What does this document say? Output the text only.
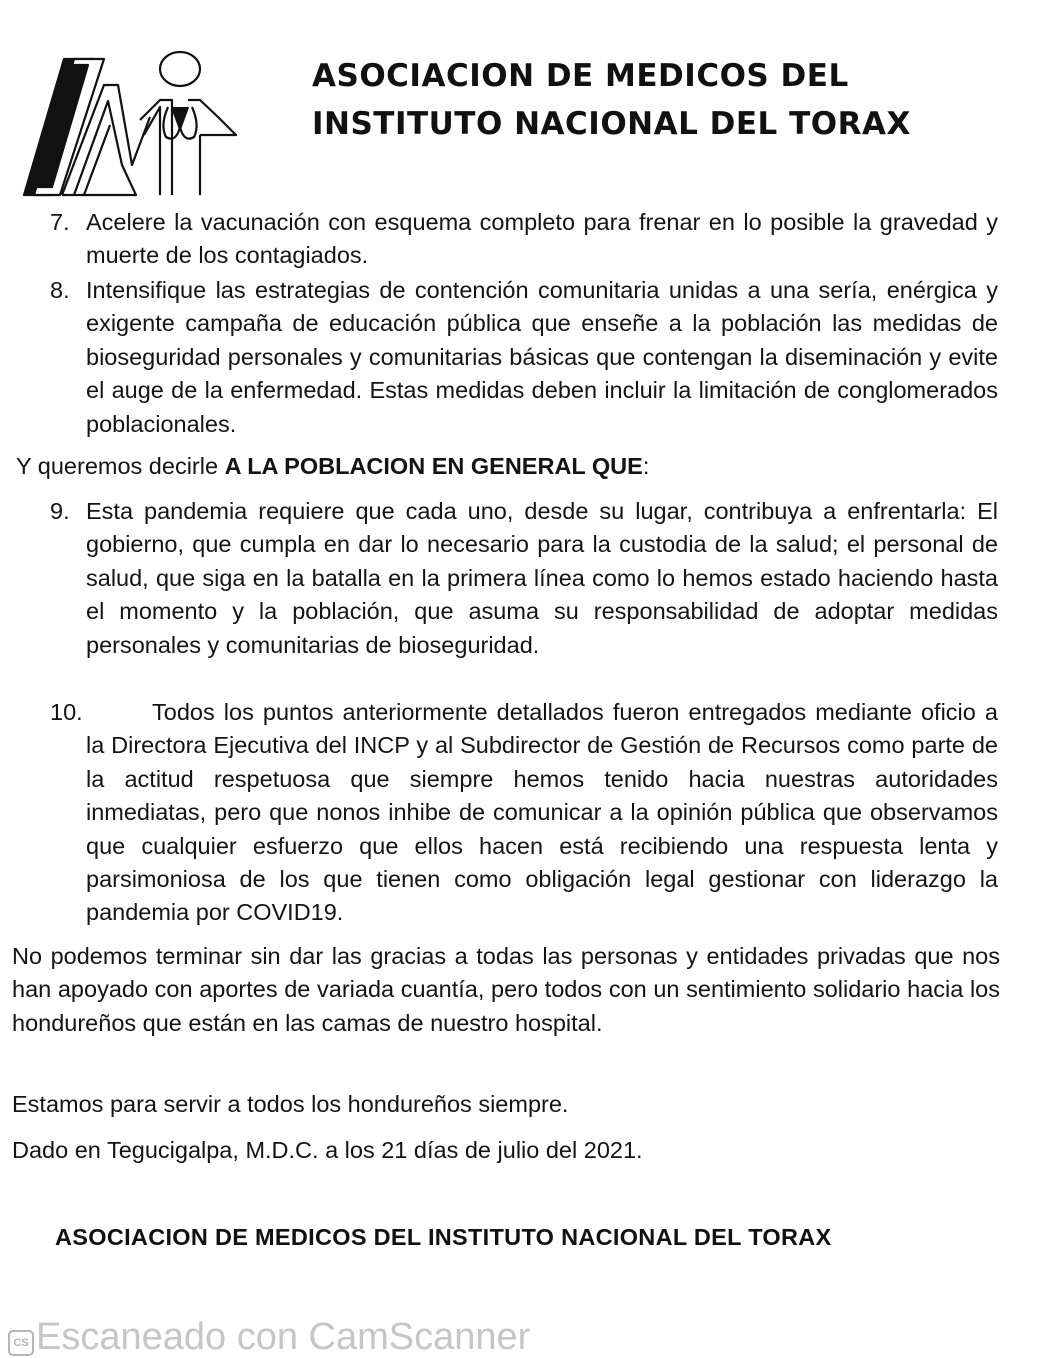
ASOCIACION DE MEDICOS DEL
INSTITUTO NACIONAL DEL TORAX
7. Acelere la vacunación con esquema completo para frenar en lo posible la gravedad y muerte de los contagiados.
8. Intensifique las estrategias de contención comunitaria unidas a una sería, enérgica y exigente campaña de educación pública que enseñe a la población las medidas de bioseguridad personales y comunitarias básicas que contengan la diseminación y evite el auge de la enfermedad. Estas medidas deben incluir la limitación de conglomerados poblacionales.
Y queremos decirle A LA POBLACION EN GENERAL QUE:
9. Esta pandemia requiere que cada uno, desde su lugar, contribuya a enfrentarla: El gobierno, que cumpla en dar lo necesario para la custodia de la salud; el personal de salud, que siga en la batalla en la primera línea como lo hemos estado haciendo hasta el momento y la población, que asuma su responsabilidad de adoptar medidas personales y comunitarias de bioseguridad.
10.	Todos los puntos anteriormente detallados fueron entregados mediante oficio a la Directora Ejecutiva del INCP y al Subdirector de Gestión de Recursos como parte de la actitud respetuosa que siempre hemos tenido hacia nuestras autoridades inmediatas, pero que nonos inhibe de comunicar a la opinión pública que observamos que cualquier esfuerzo que ellos hacen está recibiendo una respuesta lenta y parsimoniosa de los que tienen como obligación legal gestionar con liderazgo la pandemia por COVID19.
No podemos terminar sin dar las gracias a todas las personas y entidades privadas que nos han apoyado con aportes de variada cuantía, pero todos con un sentimiento solidario hacia los hondureños que están en las camas de nuestro hospital.
Estamos para servir a todos los hondureños siempre.
Dado en Tegucigalpa, M.D.C. a los 21 días de julio del 2021.
ASOCIACION DE MEDICOS DEL INSTITUTO NACIONAL DEL TORAX
CS Escaneado con CamScanner
